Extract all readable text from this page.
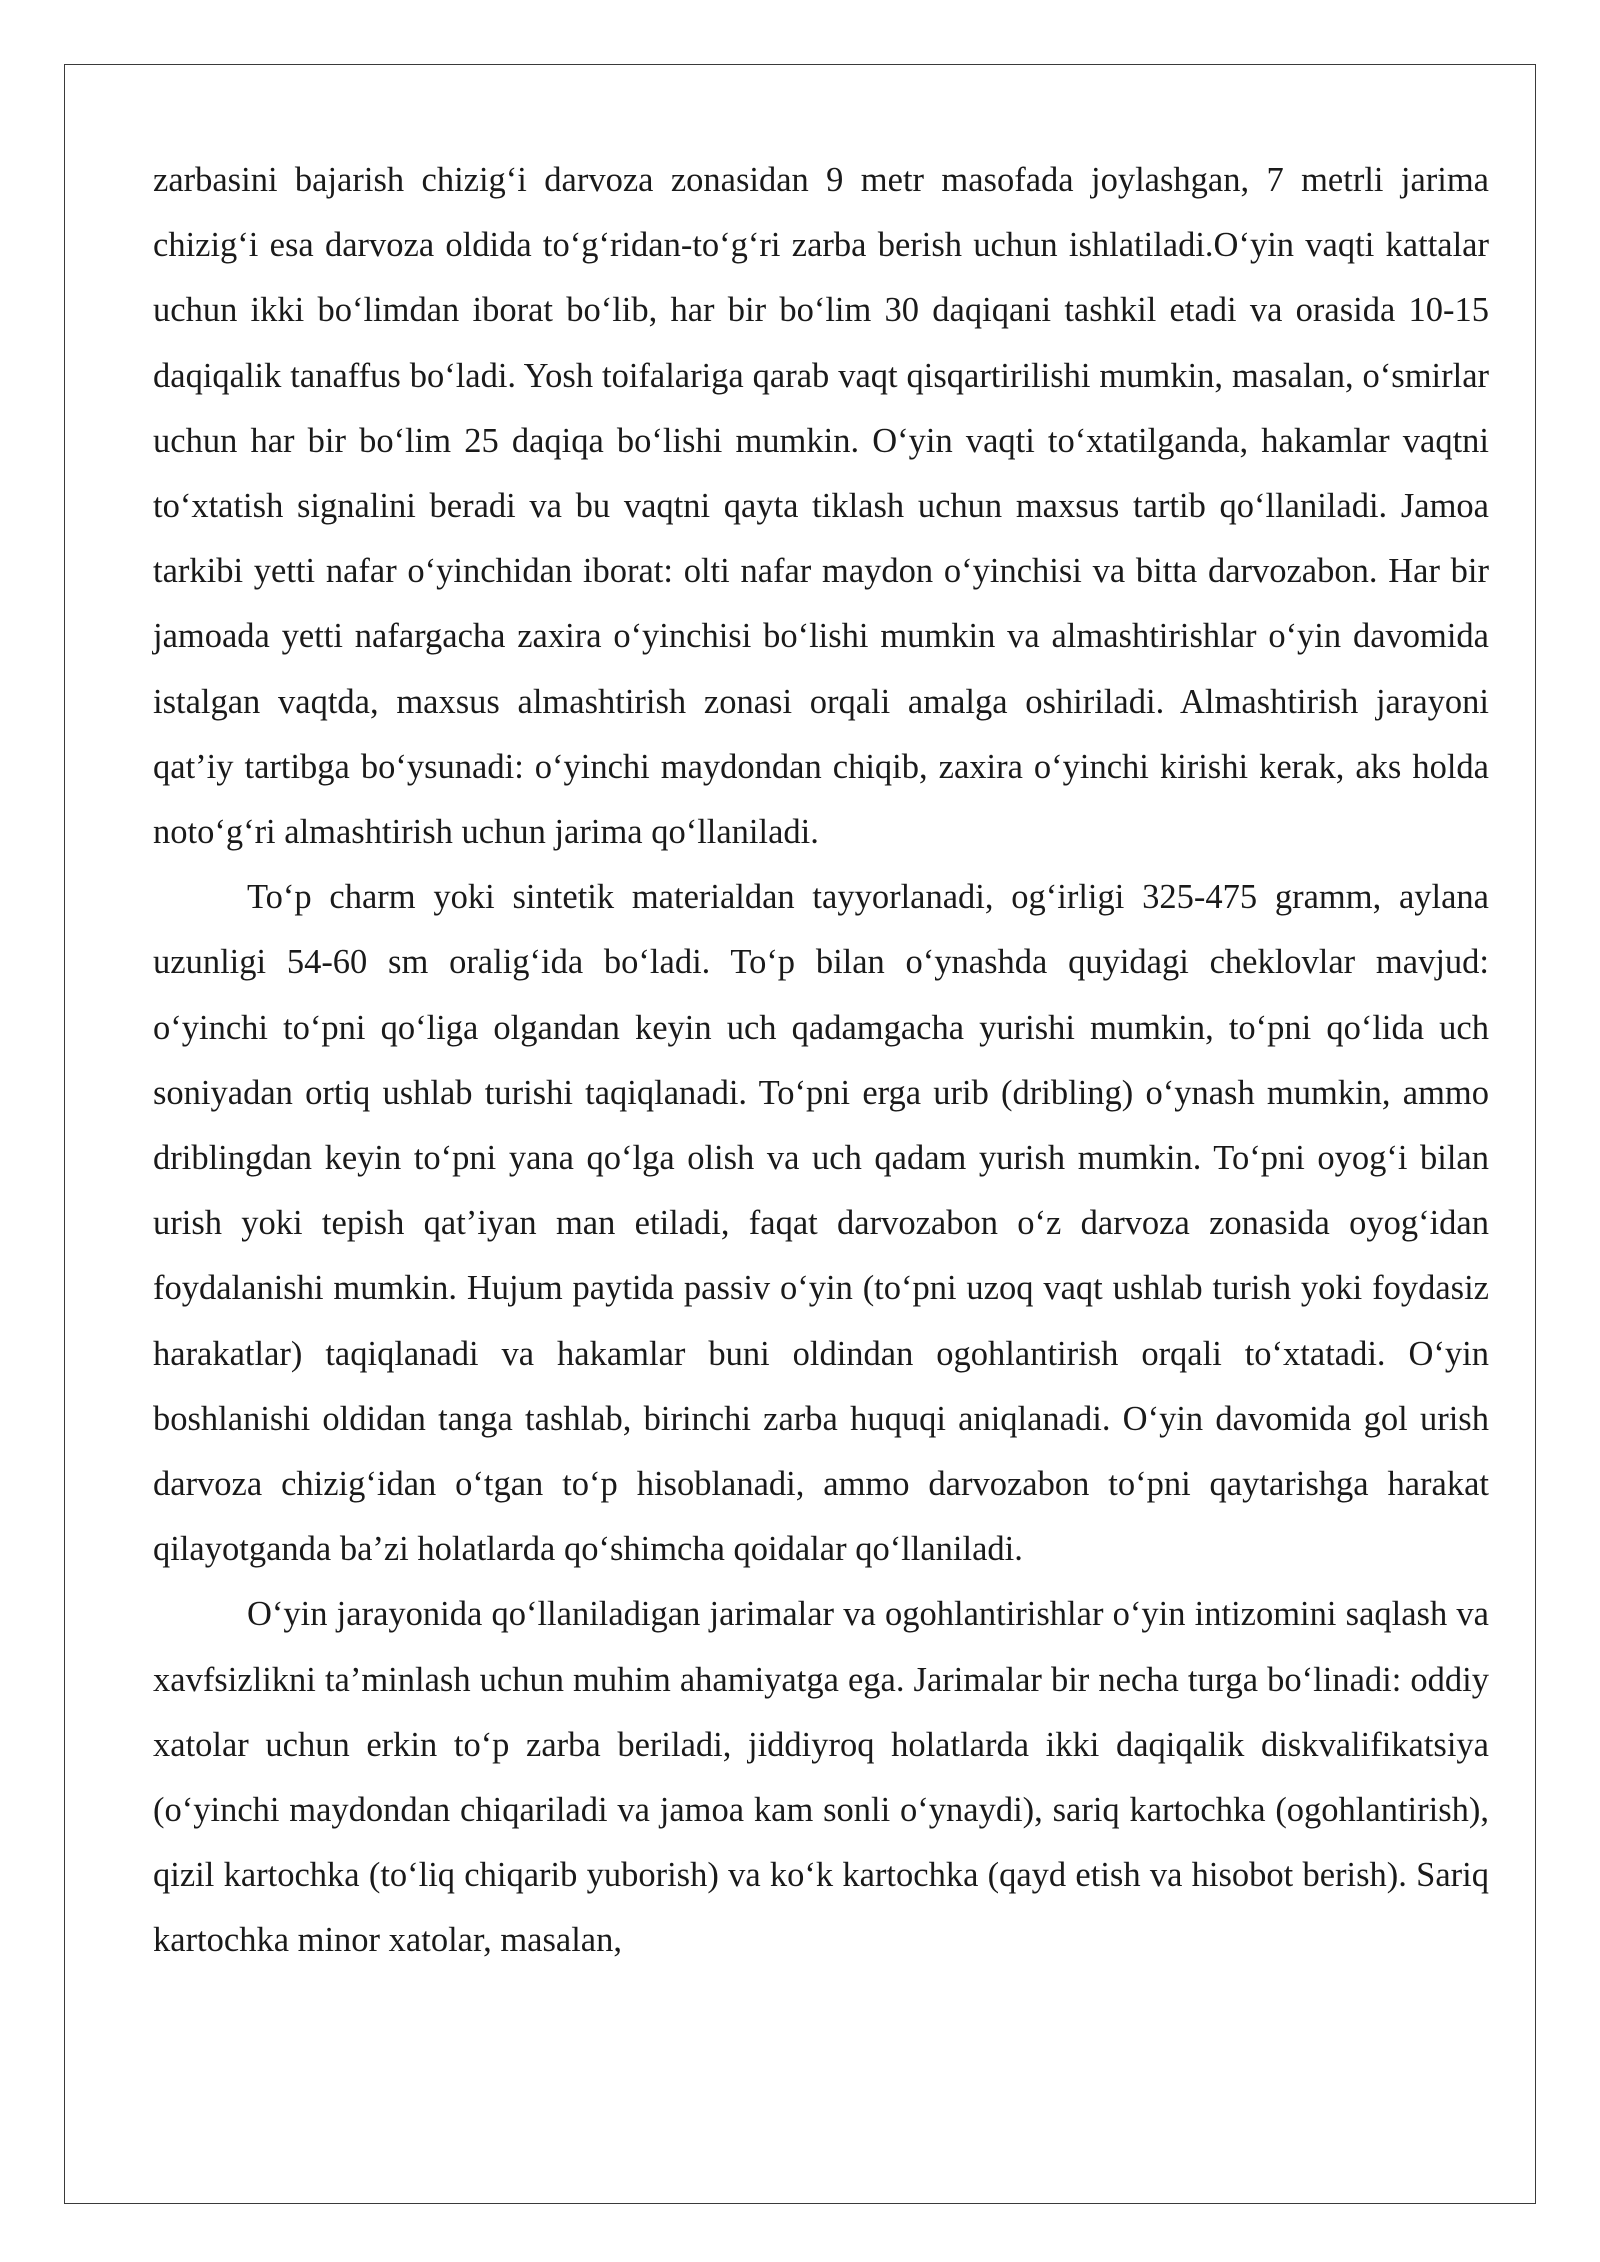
zarbasini bajarish chizig‘i darvoza zonasidan 9 metr masofada joylashgan, 7 metrli jarima chizig‘i esa darvoza oldida to‘g‘ridan-to‘g‘ri zarba berish uchun ishlatiladi.O‘yin vaqti kattalar uchun ikki bo‘limdan iborat bo‘lib, har bir bo‘lim 30 daqiqani tashkil etadi va orasida 10-15 daqiqalik tanaffus bo‘ladi. Yosh toifalariga qarab vaqt qisqartirilishi mumkin, masalan, o‘smirlar uchun har bir bo‘lim 25 daqiqa bo‘lishi mumkin. O‘yin vaqti to‘xtatilganda, hakamlar vaqtni to‘xtatish signalini beradi va bu vaqtni qayta tiklash uchun maxsus tartib qo‘llaniladi. Jamoa tarkibi yetti nafar o‘yinchidan iborat: olti nafar maydon o‘yinchisi va bitta darvozabon. Har bir jamoada yetti nafargacha zaxira o‘yinchisi bo‘lishi mumkin va almashtirishlar o‘yin davomida istalgan vaqtda, maxsus almashtirish zonasi orqali amalga oshiriladi. Almashtirish jarayoni qat’iy tartibga bo‘ysunadi: o‘yinchi maydondan chiqib, zaxira o‘yinchi kirishi kerak, aks holda noto‘g‘ri almashtirish uchun jarima qo‘llaniladi.

To‘p charm yoki sintetik materialdan tayyorlanadi, og‘irligi 325-475 gramm, aylana uzunligi 54-60 sm oralig‘ida bo‘ladi. To‘p bilan o‘ynashda quyidagi cheklovlar mavjud: o‘yinchi to‘pni qo‘liga olgandan keyin uch qadamgacha yurishi mumkin, to‘pni qo‘lida uch soniyadan ortiq ushlab turishi taqiqlanadi. To‘pni erga urib (dribling) o‘ynash mumkin, ammo driblingdan keyin to‘pni yana qo‘lga olish va uch qadam yurish mumkin. To‘pni oyog‘i bilan urish yoki tepish qat’iyan man etiladi, faqat darvozabon o‘z darvoza zonasida oyog‘idan foydalanishi mumkin. Hujum paytida passiv o‘yin (to‘pni uzoq vaqt ushlab turish yoki foydasiz harakatlar) taqiqlanadi va hakamlar buni oldindan ogohlantirish orqali to‘xtatadi. O‘yin boshlanishi oldidan tanga tashlab, birinchi zarba huquqi aniqlanadi. O‘yin davomida gol urish darvoza chizig‘idan o‘tgan to‘p hisoblanadi, ammo darvozabon to‘pni qaytarishga harakat qilayotganda ba’zi holatlarda qo‘shimcha qoidalar qo‘llaniladi.

O‘yin jarayonida qo‘llaniladigan jarimalar va ogohlantirishlar o‘yin intizomini saqlash va xavfsizlikni ta’minlash uchun muhim ahamiyatga ega. Jarimalar bir necha turga bo‘linadi: oddiy xatolar uchun erkin to‘p zarba beriladi, jiddiyroq holatlarda ikki daqiqalik diskvalifikatsiya (o‘yinchi maydondan chiqariladi va jamoa kam sonli o‘ynaydi), sariq kartochka (ogohlantirish), qizil kartochka (to‘liq chiqarib yuborish) va ko‘k kartochka (qayd etish va hisobot berish). Sariq kartochka minor xatolar, masalan,
